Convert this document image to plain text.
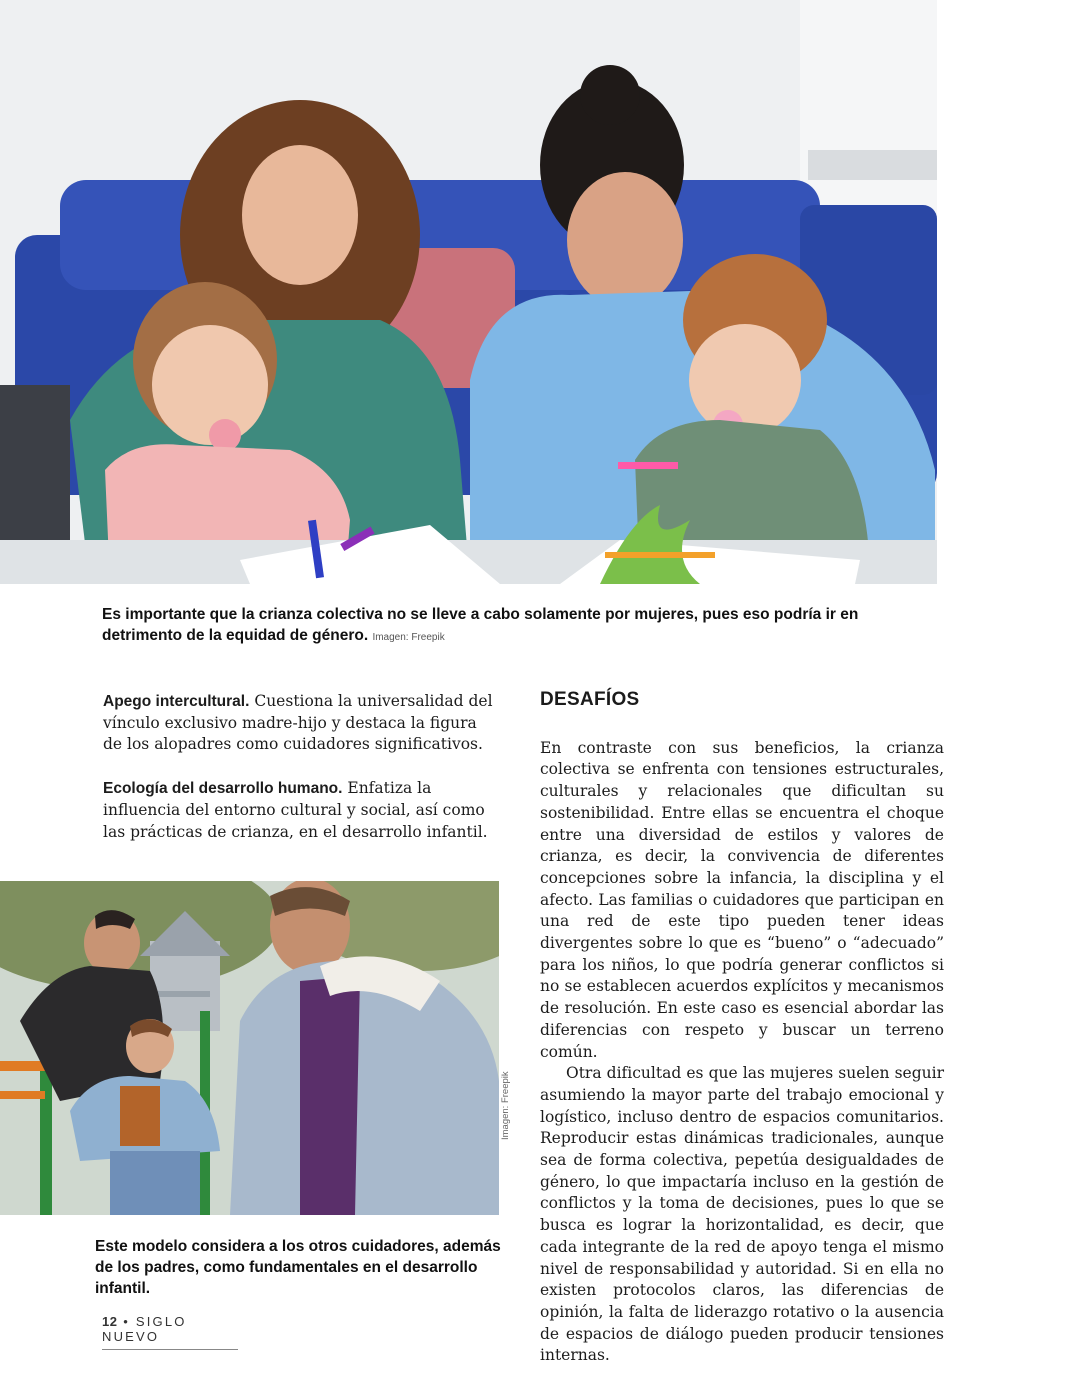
Es importante que la crianza colectiva no se lleve a cabo solamente por mujeres, pues eso podría ir en detrimento de la equidad de género. Imagen: Freepik

Apego intercultural. Cuestiona la universalidad del vínculo exclusivo madre-hijo y destaca la figura de los alopadres como cuidadores significativos.

Ecología del desarrollo humano. Enfatiza la influencia del entorno cultural y social, así como las prácticas de crianza, en el desarrollo infantil.

Imagen: Freepik
Este modelo considera a los otros cuidadores, además de los padres, como fundamentales en el desarrollo infantil.
DESAFÍOS

En contraste con sus beneficios, la crianza colectiva se enfrenta con tensiones estructurales, culturales y relacionales que dificultan su sostenibilidad. Entre ellas se encuentra el choque entre una diversidad de estilos y valores de crianza, es decir, la convivencia de diferentes concepciones sobre la infancia, la disciplina y el afecto. Las familias o cuidadores que participan en una red de este tipo pueden tener ideas divergentes sobre lo que es “bueno” o “adecuado” para los niños, lo que podría generar conflictos si no se establecen acuerdos explícitos y mecanismos de resolución. En este caso es esencial abordar las diferencias con respeto y buscar un terreno común.

Otra dificultad es que las mujeres suelen seguir asumiendo la mayor parte del trabajo emocional y logístico, incluso dentro de espacios comunitarios. Reproducir estas dinámicas tradicionales, aunque sea de forma colectiva, pepetúa desigualdades de género, lo que impactaría incluso en la gestión de conflictos y la toma de decisiones, pues lo que se busca es lograr la horizontalidad, es decir, que cada integrante de la red de apoyo tenga el mismo nivel de responsabilidad y autoridad. Si en ella no existen protocolos claros, las diferencias de opinión, la falta de liderazgo rotativo o la ausencia de espacios de diálogo pueden producir tensiones internas.

12 • SIGLO NUEVO
